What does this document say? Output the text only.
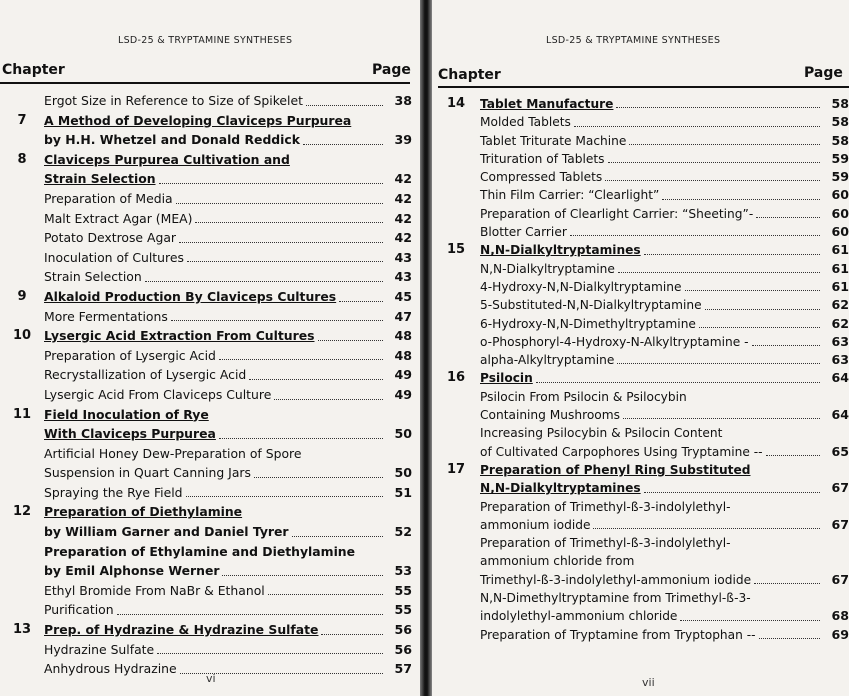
LSD-25 & TRYPTAMINE SYNTHESES
Chapter	Page
Ergot Size in Reference to Size of Spikelet	38
7	A Method of Developing Claviceps Purpurea
by H.H. Whetzel and Donald Reddick	39
8	Claviceps Purpurea Cultivation and
Strain Selection	42
Preparation of Media	42
Malt Extract Agar (MEA)	42
Potato Dextrose Agar	42
Inoculation of Cultures	43
Strain Selection	43
9	Alkaloid Production By Claviceps Cultures	45
More Fermentations	47
10	Lysergic Acid Extraction From Cultures	48
Preparation of Lysergic Acid	48
Recrystallization of Lysergic Acid	49
Lysergic Acid From Claviceps Culture	49
11	Field Inoculation of Rye
With Claviceps Purpurea	50
Artificial Honey Dew-Preparation of Spore
Suspension in Quart Canning Jars	50
Spraying the Rye Field	51
12	Preparation of Diethylamine
by William Garner and Daniel Tyrer	52
Preparation of Ethylamine and Diethylamine
by Emil Alphonse Werner	53
Ethyl Bromide From NaBr & Ethanol	55
Purification	55
13	Prep. of Hydrazine & Hydrazine Sulfate	56
Hydrazine Sulfate	56
Anhydrous Hydrazine	57
vi
LSD-25 & TRYPTAMINE SYNTHESES
Chapter	Page
14	Tablet Manufacture	58
Molded Tablets	58
Tablet Triturate Machine	58
Trituration of Tablets	59
Compressed Tablets	59
Thin Film Carrier: “Clearlight”	60
Preparation of Clearlight Carrier: “Sheeting”-	60
Blotter Carrier	60
15	N,N-Dialkyltryptamines	61
N,N-Dialkyltryptamine	61
4-Hydroxy-N,N-Dialkyltryptamine	61
5-Substituted-N,N-Dialkyltryptamine	62
6-Hydroxy-N,N-Dimethyltryptamine	62
o-Phosphoryl-4-Hydroxy-N-Alkyltryptamine -	63
alpha-Alkyltryptamine	63
16	Psilocin	64
Psilocin From Psilocin & Psilocybin
Containing Mushrooms	64
Increasing Psilocybin & Psilocin Content
of Cultivated Carpophores Using Tryptamine --	65
17	Preparation of Phenyl Ring Substituted
N,N-Dialkyltryptamines	67
Preparation of Trimethyl-ß-3-indolylethyl-
ammonium iodide	67
Preparation of Trimethyl-ß-3-indolylethyl-
ammonium chloride from
Trimethyl-ß-3-indolylethyl-ammonium iodide	67
N,N-Dimethyltryptamine from Trimethyl-ß-3-
indolylethyl-ammonium chloride	68
Preparation of Tryptamine from Tryptophan --	69
vii
